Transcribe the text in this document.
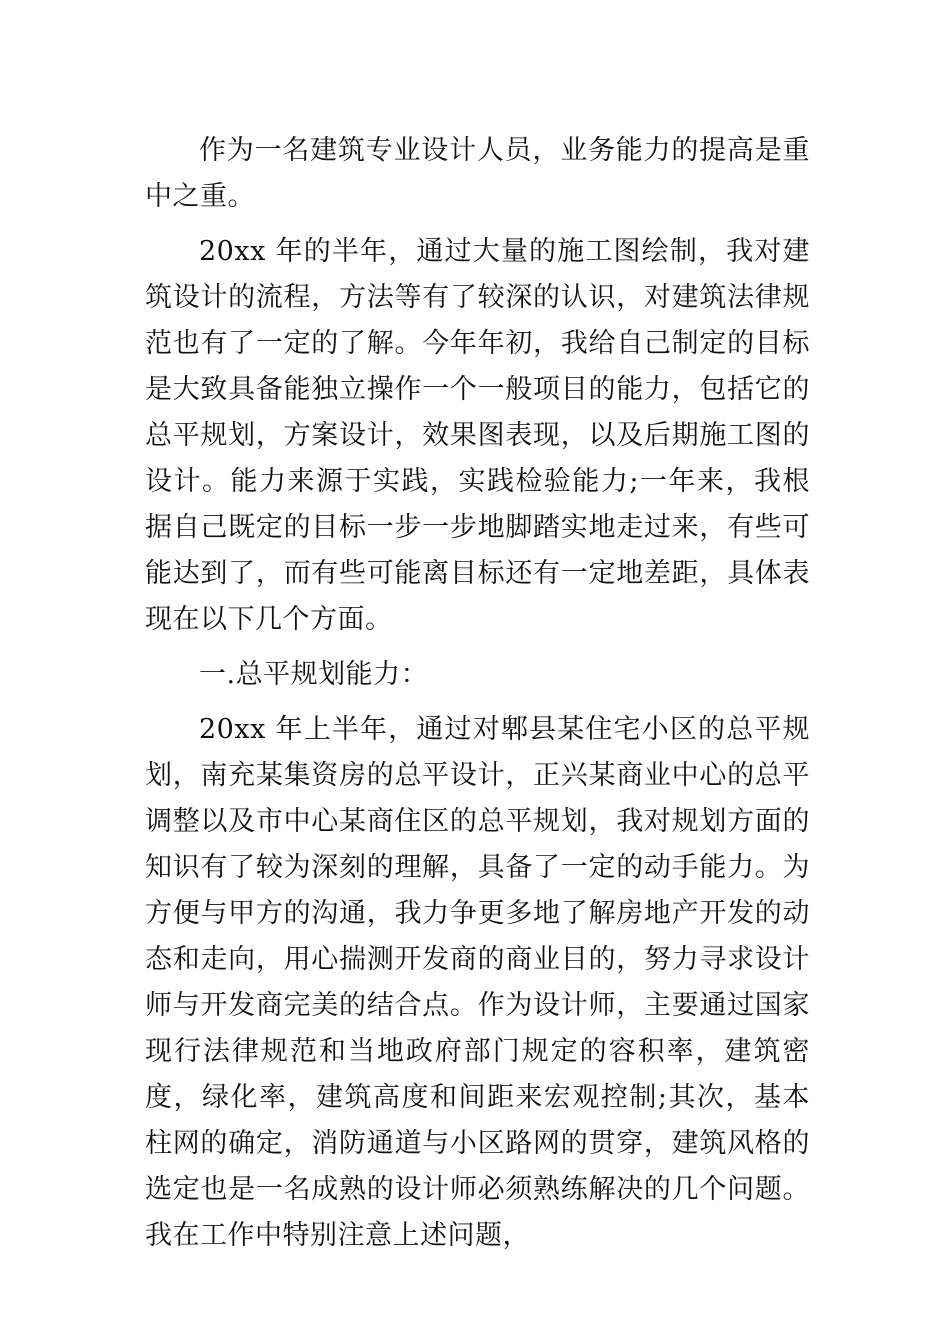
作为一名建筑专业设计人员，业务能力的提高是重中之重。

20xx 年的半年，通过大量的施工图绘制，我对建筑设计的流程，方法等有了较深的认识，对建筑法律规范也有了一定的了解。今年年初，我给自己制定的目标是大致具备能独立操作一个一般项目的能力，包括它的总平规划，方案设计，效果图表现，以及后期施工图的设计。能力来源于实践，实践检验能力;一年来，我根据自己既定的目标一步一步地脚踏实地走过来，有些可能达到了，而有些可能离目标还有一定地差距，具体表现在以下几个方面。

一.总平规划能力：

20xx 年上半年，通过对郫县某住宅小区的总平规划，南充某集资房的总平设计，正兴某商业中心的总平调整以及市中心某商住区的总平规划，我对规划方面的知识有了较为深刻的理解，具备了一定的动手能力。为方便与甲方的沟通，我力争更多地了解房地产开发的动态和走向，用心揣测开发商的商业目的，努力寻求设计师与开发商完美的结合点。作为设计师，主要通过国家现行法律规范和当地政府部门规定的容积率，建筑密度，绿化率，建筑高度和间距来宏观控制;其次，基本柱网的确定，消防通道与小区路网的贯穿，建筑风格的选定也是一名成熟的设计师必须熟练解决的几个问题。我在工作中特别注意上述问题，
